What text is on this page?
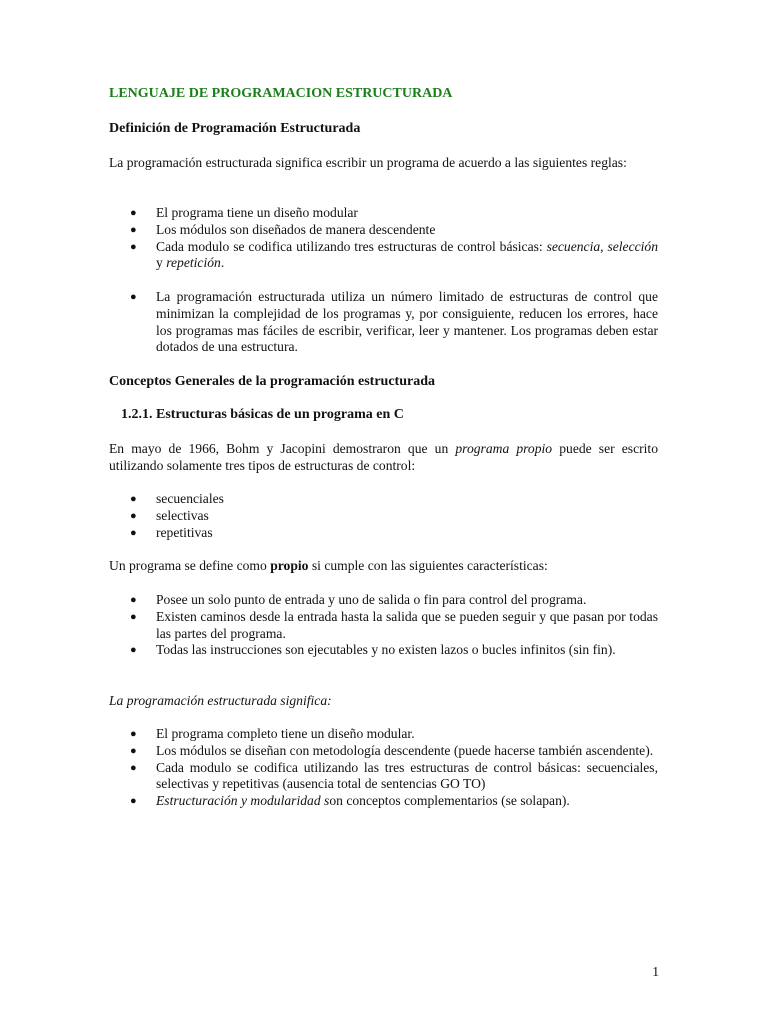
LENGUAJE DE PROGRAMACION ESTRUCTURADA

Definición de Programación Estructurada

La programación estructurada significa escribir un programa de acuerdo a las siguientes reglas:

● El programa tiene un diseño modular
● Los módulos son diseñados de manera descendente
● Cada modulo se codifica utilizando tres estructuras de control básicas: secuencia, selección y repetición.
● La programación estructurada utiliza un número limitado de estructuras de control que minimizan la complejidad de los programas y, por consiguiente, reducen los errores, hace los programas mas fáciles de escribir, verificar, leer y mantener. Los programas deben estar dotados de una estructura.

Conceptos Generales de la programación estructurada

1.2.1. Estructuras básicas de un programa en C

En mayo de 1966, Bohm y Jacopini demostraron que un programa propio puede ser escrito utilizando solamente tres tipos de estructuras de control:

● secuenciales
● selectivas
● repetitivas

Un programa se define como propio si cumple con las siguientes características:

● Posee un solo punto de entrada y uno de salida o fin para control del programa.
● Existen caminos desde la entrada hasta la salida que se pueden seguir y que pasan por todas las partes del programa.
● Todas las instrucciones son ejecutables y no existen lazos o bucles infinitos (sin fin).

La programación estructurada significa:

● El programa completo tiene un diseño modular.
● Los módulos se diseñan con metodología descendente (puede hacerse también ascendente).
● Cada modulo se codifica utilizando las tres estructuras de control básicas: secuenciales, selectivas y repetitivas (ausencia total de sentencias GO TO)
● Estructuración y modularidad son conceptos complementarios (se solapan).
1
